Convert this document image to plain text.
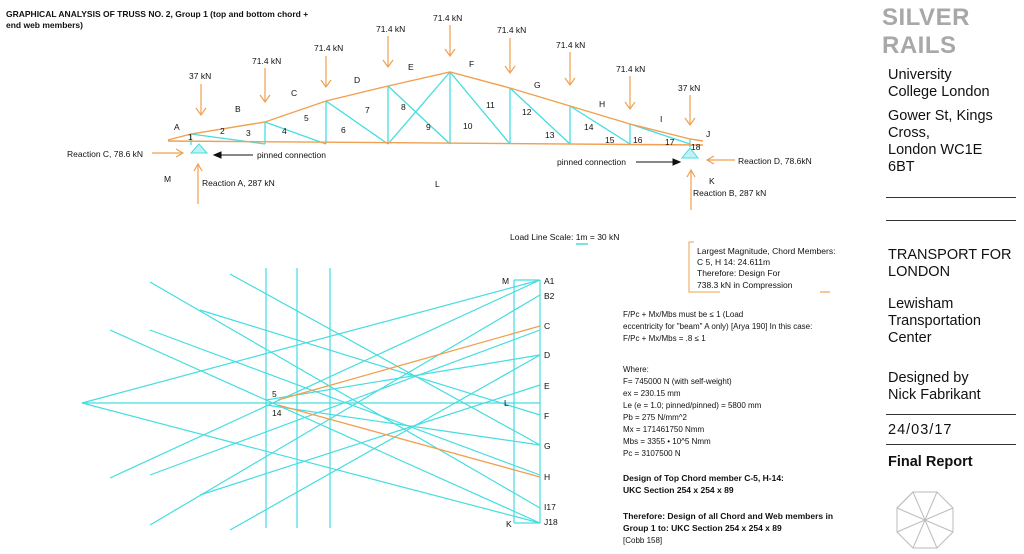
GRAPHICAL ANALYSIS OF TRUSS NO. 2, Group 1 (top and bottom chord +
end web members)
37 kN
71.4 kN
71.4 kN
71.4 kN
71.4 kN
71.4 kN
71.4 kN
71.4 kN
37 kN
A
B
C
D
E	F
G
H
I
J
K
L
M
1
2	3	4
5
6
7	8
9	10
11
12
13
14
15 16	17 18
Reaction C, 78.6 kN
Reaction D, 78.6kN
Reaction A, 287 kN
Reaction B, 287 kN
pinned connection
pinned connection
Load Line Scale: 1m = 30 kN
M
K
L
5
14
A1
B2
C
D
E
F
G
H
I17
J18
Largest Magnitude, Chord Members:
C 5, H 14: 24.611m
Therefore: Design For
738.3 kN in Compression
F/Pc + Mx/Mbs must be ≤ 1 (Load
eccentricity for "beam" A only) [Arya 190] In this case:
F/Pc + Mx/Mbs = .8 ≤ 1
Where:
F= 745000 N (with self-weight)
ex = 230.15 mm
Le (e = 1.0; pinned/pinned) = 5800 mm
Pb = 275 N/mm^2
Mx = 171461750 Nmm
Mbs = 3355 • 10^5 Nmm
Pc = 3107500 N
Design of Top Chord member C-5, H-14:
UKC Section 254 x 254 x 89
Therefore: Design of all Chord and Web members in
Group 1 to: UKC Section 254 x 254 x 89
[Cobb 158]
SILVER RAILS
University
College London
Gower St, Kings
Cross,
London WC1E
6BT
TRANSPORT FOR
LONDON
Lewisham
Transportation
Center
Designed by
Nick Fabrikant
24/03/17
Final Report
